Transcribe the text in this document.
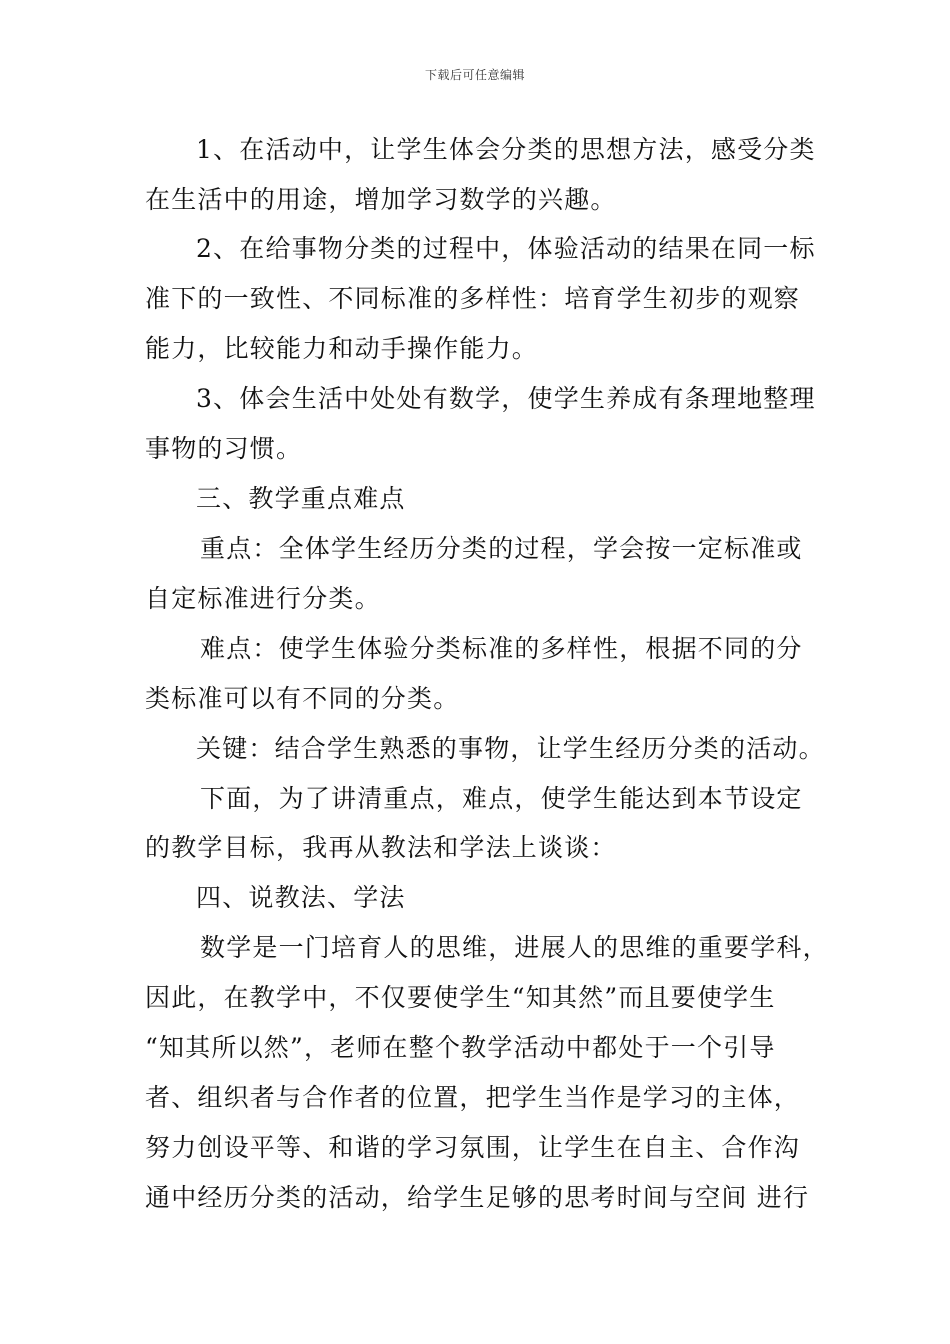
下载后可任意编辑
1、在活动中，让学生体会分类的思想方法，感受分类
在生活中的用途，增加学习数学的兴趣。
2、在给事物分类的过程中，体验活动的结果在同一标
准下的一致性、不同标准的多样性：培育学生初步的观察
能力，比较能力和动手操作能力。
3、体会生活中处处有数学，使学生养成有条理地整理
事物的习惯。
三、教学重点难点
重点：全体学生经历分类的过程，学会按一定标准或
自定标准进行分类。
难点：使学生体验分类标准的多样性，根据不同的分
类标准可以有不同的分类。
关键：结合学生熟悉的事物，让学生经历分类的活动。
下面，为了讲清重点，难点，使学生能达到本节设定
的教学目标，我再从教法和学法上谈谈：
四、说教法、学法
数学是一门培育人的思维，进展人的思维的重要学科，
因此，在教学中，不仅要使学生“知其然”而且要使学生
“知其所以然”，老师在整个教学活动中都处于一个引导
者、组织者与合作者的位置，把学生当作是学习的主体，
努力创设平等、和谐的学习氛围，让学生在自主、合作沟
通中经历分类的活动，给学生足够的思考时间与空间 进行
